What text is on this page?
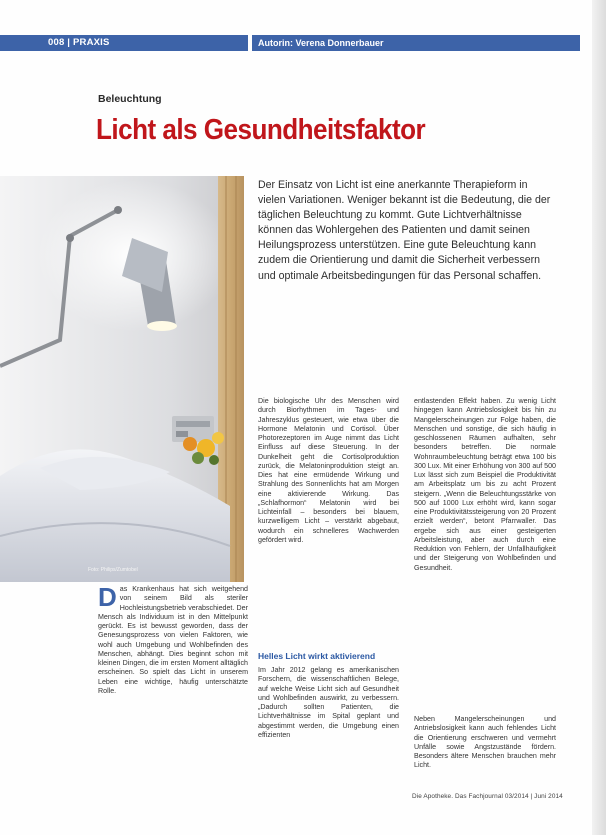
008 | PRAXIS	Autorin: Verena Donnerbauer
Beleuchtung
Licht als Gesundheitsfaktor
Der Einsatz von Licht ist eine anerkannte Therapieform in vielen Variationen. Weniger bekannt ist die Bedeutung, die der täglichen Beleuchtung zu kommt. Gute Lichtverhältnisse können das Wohlergehen des Patienten und damit seinen Heilungsprozess unterstützen. Eine gute Beleuchtung kann zudem die Orientierung und damit die Sicherheit verbessern und optimale Arbeitsbedingungen für das Personal schaffen.
Foto: Philips/Zumtobel
Das Krankenhaus hat sich weitgehend von seinem Bild als steriler Hochleistungsbetrieb verabschiedet. Der Mensch als Individuum ist in den Mittelpunkt gerückt. Es ist bewusst geworden, dass der Genesungsprozess von vielen Faktoren, wie wohl auch Umgebung und Wohlbefinden des Menschen, abhängt. Dies beginnt schon mit kleinen Dingen, die im ersten Moment alltäglich erscheinen. So spielt das Licht in unserem Leben eine wichtige, häufig unterschätzte Rolle.

Die biologische Uhr des Menschen wird durch Biorhythmen im Tages- und Jahreszyklus gesteuert, wie etwa über die Hormone Melatonin und Cortisol. Über Photorezeptoren im Auge nimmt das Licht Einfluss auf diese Steuerung. In der Dunkelheit geht die Cortisolproduktion zurück, die Melatoninproduktion steigt an. Dies hat eine ermüdende Wirkung und Strahlung des Sonnenlichts hat am Morgen eine aktivierende Wirkung. Das „Schlafhormon“ Melatonin wird bei Lichteinfall – besonders bei blauem, kurzwelligem Licht – verstärkt abgebaut, wodurch ein schnelleres Wachwerden gefördert wird.

Helles Licht wirkt aktivierend

Im Jahr 2012 gelang es amerikanischen Forschern, die wissenschaftlichen Belege, auf welche Weise Licht sich auf Gesundheit und Wohlbefinden auswirkt, zu verbessern. „Dadurch sollten Patienten, die Lichtverhältnisse im Spital geplant und abgestimmt werden, die Umgebung einen effizienten

entlastenden Effekt haben. Zu wenig Licht hingegen kann Antriebslosigkeit bis hin zu Mangelerscheinungen zur Folge haben, die Menschen und sonstige, die sich häufig in geschlossenen Räumen aufhalten, sehr besonders betreffen. Die normale Wohnraumbeleuchtung beträgt etwa 100 bis 300 Lux. Mit einer Erhöhung von 300 auf 500 Lux lässt sich zum Beispiel die Produktivität am Arbeitsplatz um bis zu acht Prozent steigern. „Wenn die Beleuchtungsstärke von 500 auf 1000 Lux erhöht wird, kann sogar eine Produktivitätssteigerung von 20 Prozent erzielt werden“, betont Pfarrwaller. Das ergebe sich aus einer gesteigerten Arbeitsleistung, aber auch durch eine Reduktion von Fehlern, der Unfallhäufigkeit und der Steigerung von Wohlbefinden und Gesundheit.

Neben Mangelerscheinungen und Antriebslosigkeit kann auch fehlendes Licht die Orientierung erschweren und vermehrt Unfälle sowie Angstzustände fördern. Besonders ältere Menschen brauchen mehr Licht.

Die Apotheke. Das Fachjournal 03/2014 | Juni 2014
